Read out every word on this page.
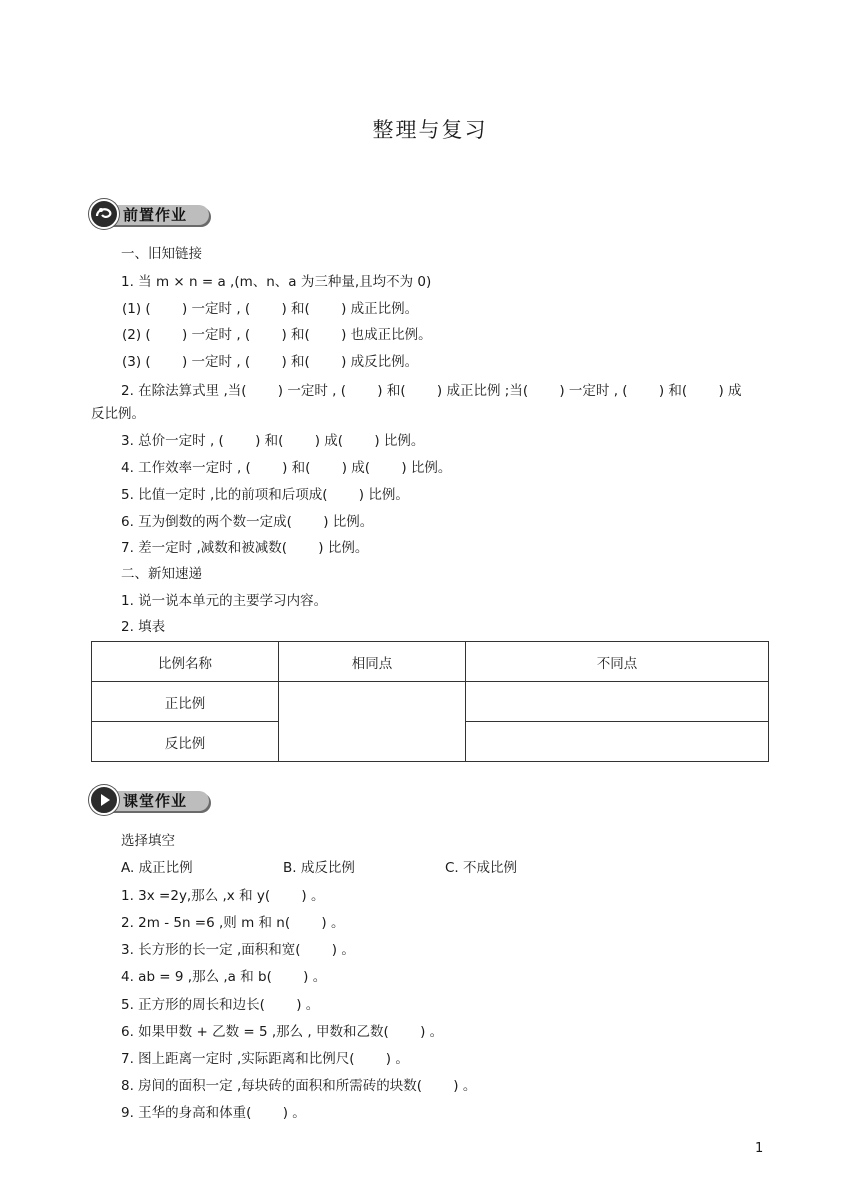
整理与复习
前置作业
一、旧知链接
1. 当 m × n = a ,(m、n、a 为三种量,且均不为 0)
(1) (　　 ) 一定时 , (　　 ) 和(　　 ) 成正比例。
(2) (　　 ) 一定时 , (　　 ) 和(　　 ) 也成正比例。
(3) (　　 ) 一定时 , (　　 ) 和(　　 ) 成反比例。
2. 在除法算式里 ,当(　　 ) 一定时 , (　　 ) 和(　　 ) 成正比例 ;当(　　 ) 一定时 , (　　 ) 和(　　 ) 成
反比例。
3. 总价一定时 , (　　 ) 和(　　 ) 成(　　 ) 比例。
4. 工作效率一定时 , (　　 ) 和(　　 ) 成(　　 ) 比例。
5. 比值一定时 ,比的前项和后项成(　　 ) 比例。
6. 互为倒数的两个数一定成(　　 ) 比例。
7. 差一定时 ,减数和被减数(　　 ) 比例。
二、新知速递
1. 说一说本单元的主要学习内容。
2. 填表
比例名称	相同点	不同点
正比例		
反比例		
课堂作业
选择填空
A. 成正比例	B. 成反比例	C. 不成比例
1. 3x =2y,那么 ,x 和 y(　　 ) 。
2. 2m - 5n =6 ,则 m 和 n(　　 ) 。
3. 长方形的长一定 ,面积和宽(　　 ) 。
4. ab = 9 ,那么 ,a 和 b(　　 ) 。
5. 正方形的周长和边长(　　 ) 。
6. 如果甲数 + 乙数 = 5 ,那么 , 甲数和乙数(　　 ) 。
7. 图上距离一定时 ,实际距离和比例尺(　　 ) 。
8. 房间的面积一定 ,每块砖的面积和所需砖的块数(　　 ) 。
9. 王华的身高和体重(　　 ) 。
1
